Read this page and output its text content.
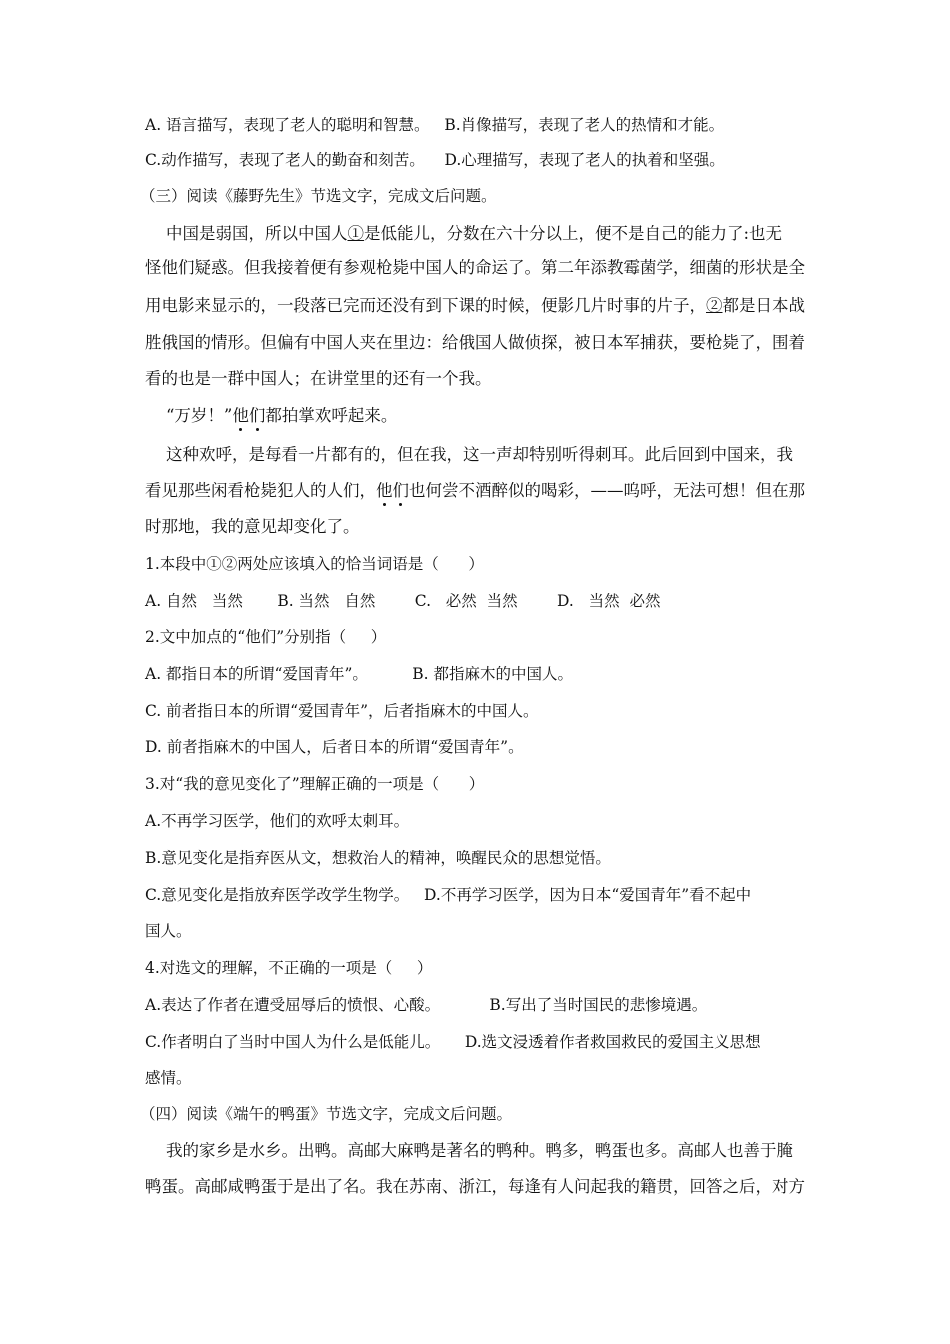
A. 语言描写，表现了老人的聪明和智慧。   B.肖像描写，表现了老人的热情和才能。
C.动作描写，表现了老人的勤奋和刻苦。    D.心理描写，表现了老人的执着和坚强。
（三）阅读《藤野先生》节选文字，完成文后问题。
中国是弱国，所以中国人①是低能儿，分数在六十分以上，便不是自己的能力了:也无
怪他们疑惑。但我接着便有参观枪毙中国人的命运了。第二年添教霉菌学，细菌的形状是全
用电影来显示的，一段落已完而还没有到下课的时候，便影几片时事的片子，②都是日本战
胜俄国的情形。但偏有中国人夹在里边：给俄国人做侦探，被日本军捕获，要枪毙了，围着
看的也是一群中国人；在讲堂里的还有一个我。
“万岁！”他们都拍掌欢呼起来。
这种欢呼，是每看一片都有的，但在我，这一声却特别听得刺耳。此后回到中国来，我
看见那些闲看枪毙犯人的人们，他们也何尝不酒醉似的喝彩，——呜呼，无法可想！但在那
时那地，我的意见却变化了。
1.本段中①②两处应该填入的恰当词语是（      ）
A. 自然   当然       B. 当然   自然        C.   必然  当然        D.   当然  必然
2.文中加点的“他们”分别指（     ）
A. 都指日本的所谓“爱国青年”。         B. 都指麻木的中国人。
C. 前者指日本的所谓“爱国青年”，后者指麻木的中国人。
D. 前者指麻木的中国人，后者日本的所谓“爱国青年”。
3.对“我的意见变化了”理解正确的一项是（      ）
A.不再学习医学，他们的欢呼太刺耳。
B.意见变化是指弃医从文，想救治人的精神，唤醒民众的思想觉悟。
C.意见变化是指放弃医学改学生物学。   D.不再学习医学，因为日本“爱国青年”看不起中
国人。
4.对选文的理解，不正确的一项是（     ）
A.表达了作者在遭受屈辱后的愤恨、心酸。          B.写出了当时国民的悲惨境遇。
C.作者明白了当时中国人为什么是低能儿。     D.选文浸透着作者救国救民的爱国主义思想
感情。
（四）阅读《端午的鸭蛋》节选文字，完成文后问题。
我的家乡是水乡。出鸭。高邮大麻鸭是著名的鸭种。鸭多，鸭蛋也多。高邮人也善于腌
鸭蛋。高邮咸鸭蛋于是出了名。我在苏南、浙江，每逢有人问起我的籍贯，回答之后，对方
